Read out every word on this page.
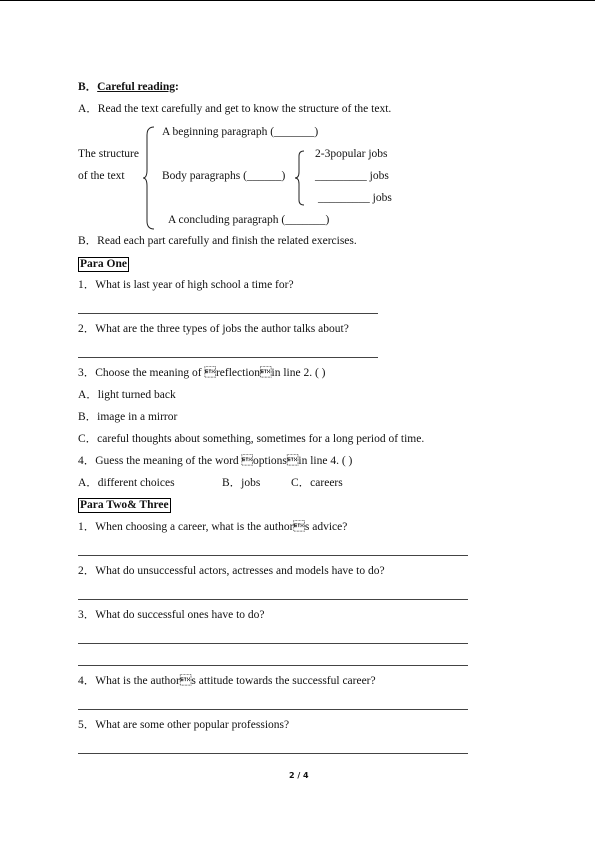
B．Careful reading:
A．Read the text carefully and get to know the structure of the text.
A beginning paragraph (_______)
The structure
of the text	Body paragraphs (______)
A concluding paragraph (_______)
2-3popular jobs
_________ jobs
_________ jobs
B．Read each part carefully and finish the related exercises.
Para One
1．What is last year of high school a time for?
2．What are the three types of jobs the author talks about?
3．Choose the meaning of reflectionin line 2. ( )
A．light turned back
B．image in a mirror
C．careful thoughts about something, sometimes for a long period of time.
4．Guess the meaning of the word optionsin line 4. ( )
A．different choices	B．jobs	C．careers
Para Two& Three
1．When choosing a career, what is the authors advice?
2．What do unsuccessful actors, actresses and models have to do?
3．What do successful ones have to do?
4．What is the authors attitude towards the successful career?
5．What are some other popular professions?
2 / 4
